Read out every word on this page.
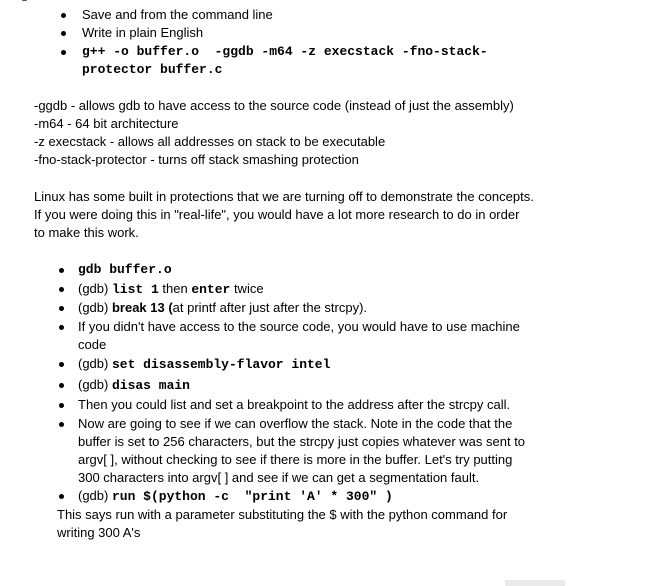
Save and from the command line
Write in plain English
g++ -o buffer.o  -ggdb -m64 -z execstack -fno-stack-
protector buffer.c
-ggdb - allows gdb to have access to the source code (instead of just the assembly)
-m64 - 64 bit architecture
-z execstack - allows all addresses on stack to be executable
-fno-stack-protector - turns off stack smashing protection
Linux has some built in protections that we are turning off to demonstrate the concepts.
If you were doing this in "real-life", you would have a lot more research to do in order
to make this work.
gdb buffer.o
(gdb) list 1 then enter twice
(gdb) break 13 (at printf after just after the strcpy).
If you didn't have access to the source code, you would have to use machine
code
(gdb) set disassembly-flavor intel
(gdb) disas main
Then you could list and set a breakpoint to the address after the strcpy call.
Now are going to see if we can overflow the stack. Note in the code that the
buffer is set to 256 characters, but the strcpy just copies whatever was sent to
argv[ ], without checking to see if there is more in the buffer. Let's try putting
300 characters into argv[ ] and see if we can get a segmentation fault.
(gdb) run $(python -c  "print 'A' * 300" )
This says run with a parameter substituting the $ with the python command for
writing 300 A's
